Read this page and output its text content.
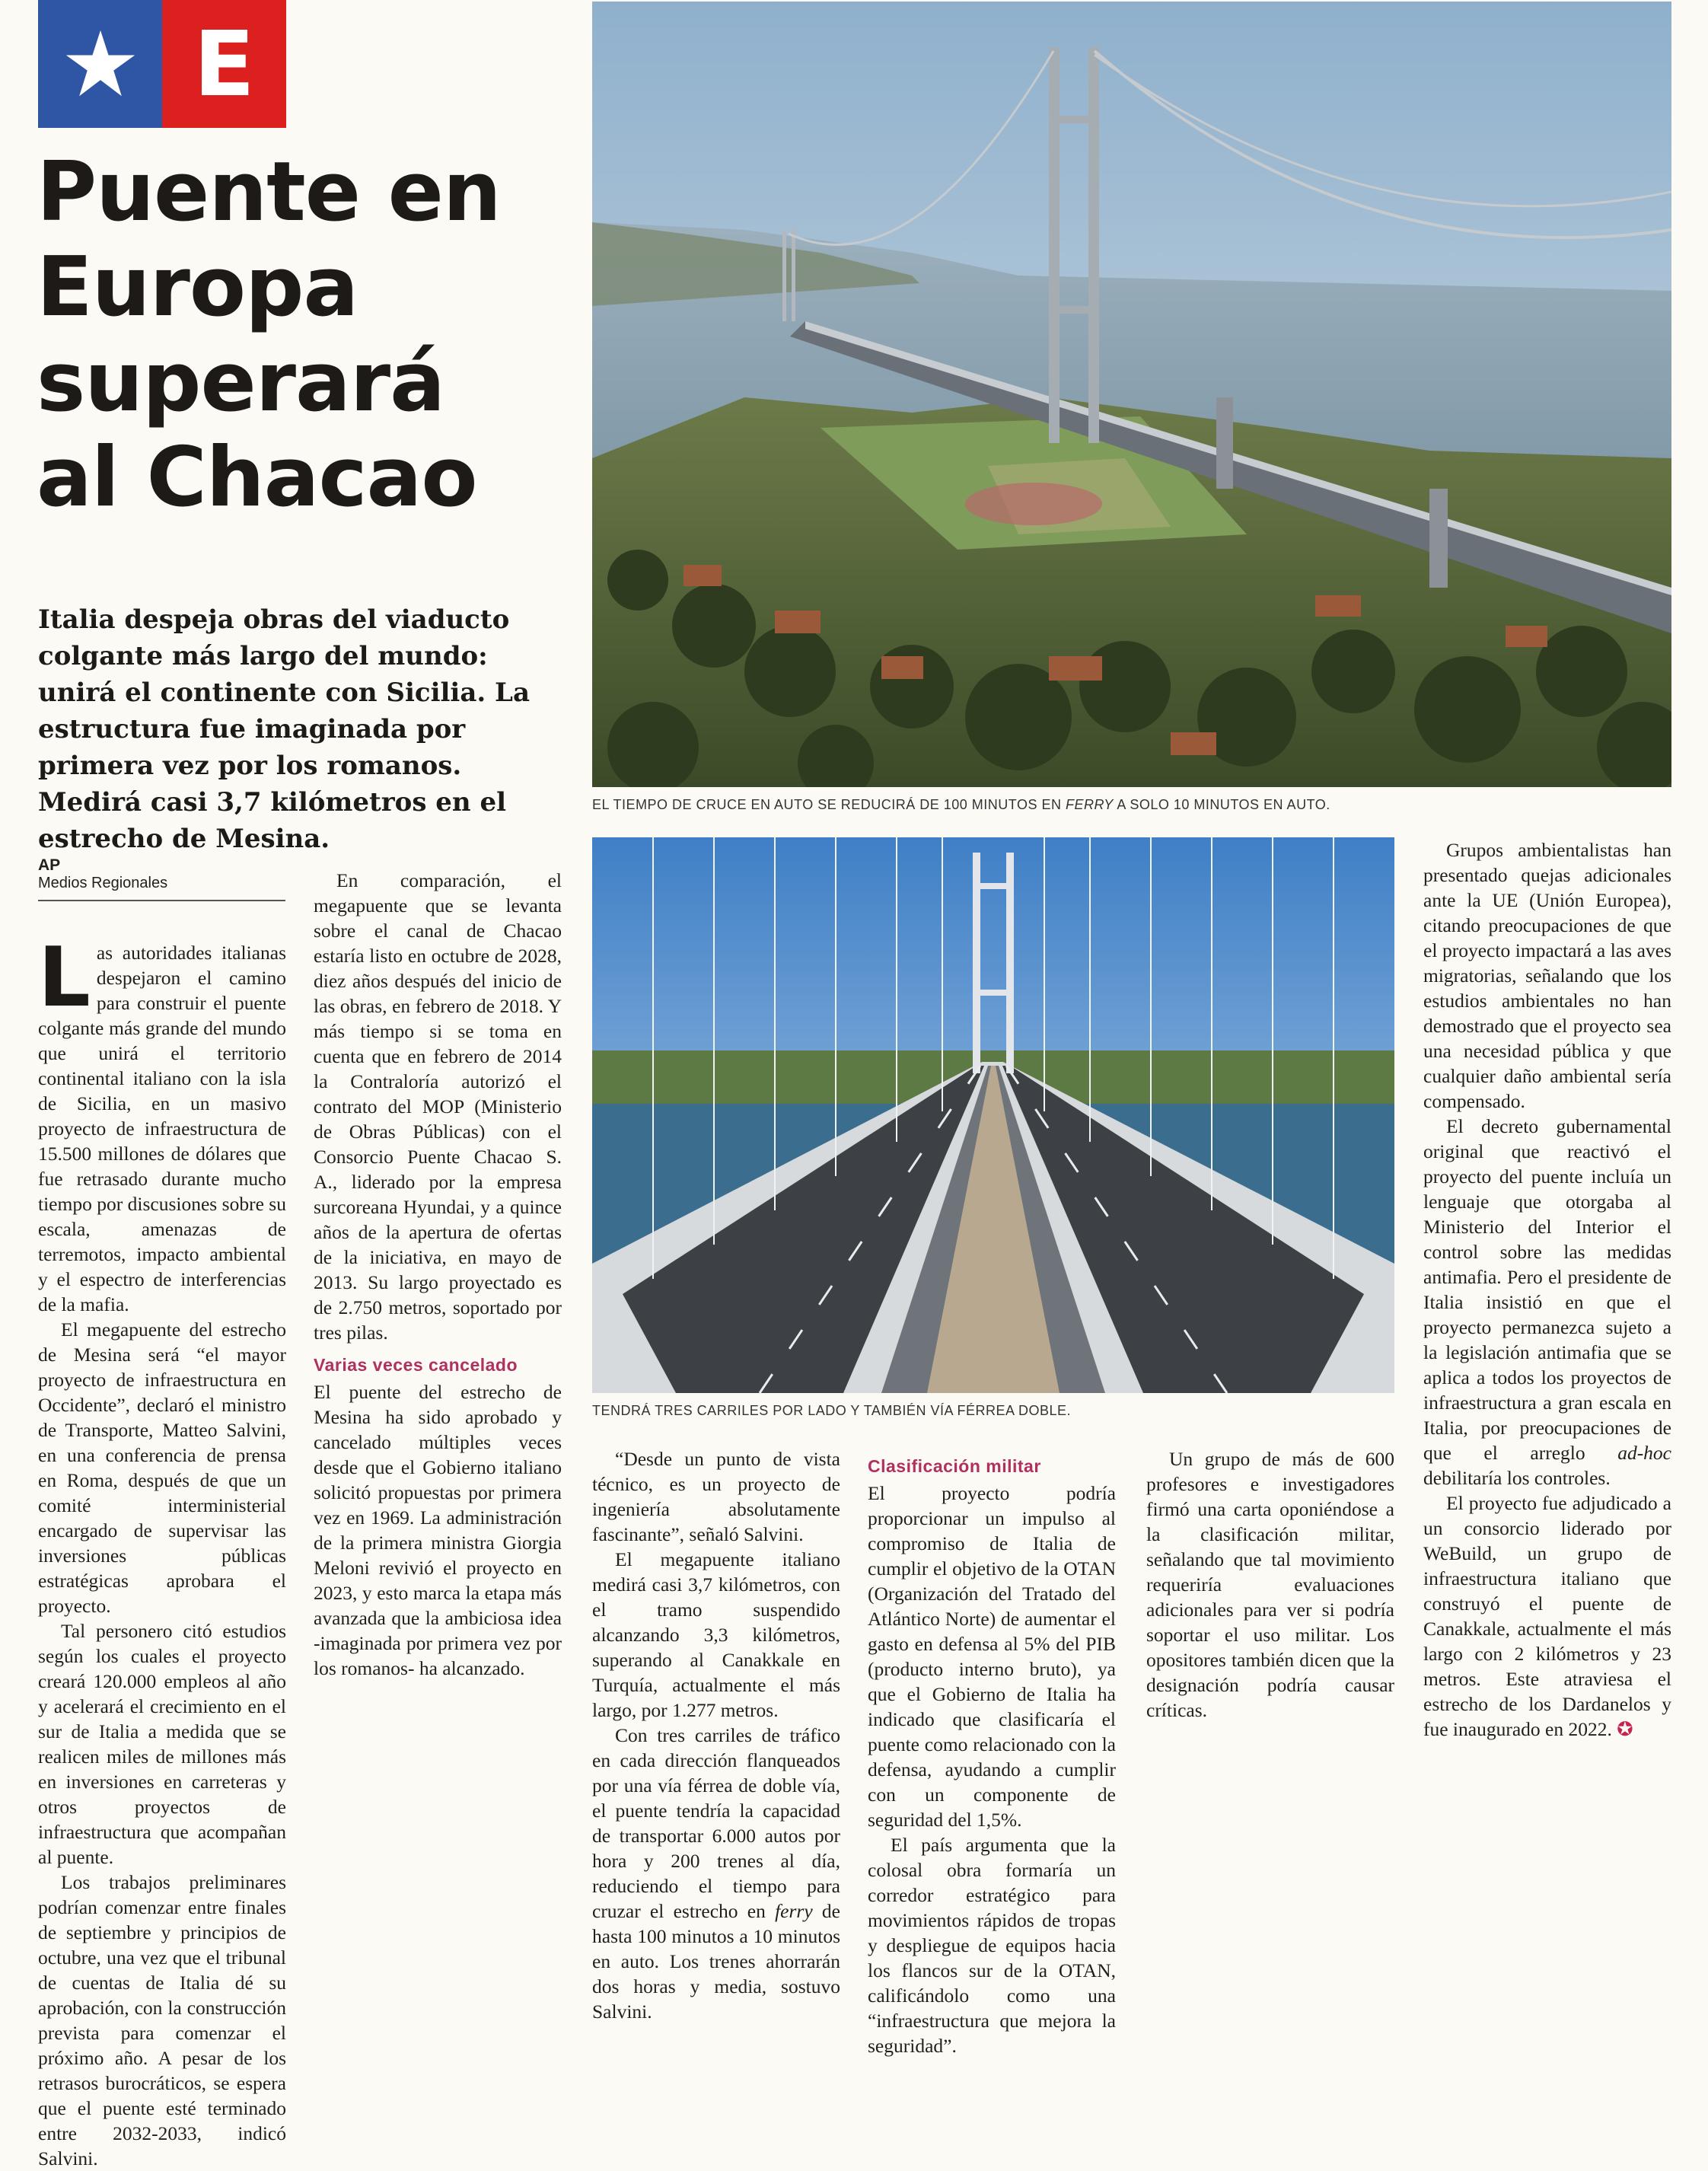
E
Puente en Europa superará al Chacao

Italia despeja obras del viaducto colgante más largo del mundo: unirá el continente con Sicilia. La estructura fue imaginada por primera vez por los romanos. Medirá casi 3,7 kilómetros en el estrecho de Mesina.

EL TIEMPO DE CRUCE EN AUTO SE REDUCIRÁ DE 100 MINUTOS EN FERRY A SOLO 10 MINUTOS EN AUTO.

TENDRÁ TRES CARRILES POR LADO Y TAMBIÉN VÍA FÉRREA DOBLE.

AP
Medios Regionales

Las autoridades italianas despejaron el camino para construir el puente colgante más grande del mundo que unirá el territorio continental italiano con la isla de Sicilia, en un masivo proyecto de infraestructura de 15.500 millones de dólares que fue retrasado durante mucho tiempo por discusiones sobre su escala, amenazas de terremotos, impacto ambiental y el espectro de interferencias de la mafia.

El megapuente del estrecho de Mesina será “el mayor proyecto de infraestructura en Occidente”, declaró el ministro de Transporte, Matteo Salvini, en una conferencia de prensa en Roma, después de que un comité interministerial encargado de supervisar las inversiones públicas estratégicas aprobara el proyecto.

Tal personero citó estudios según los cuales el proyecto creará 120.000 empleos al año y acelerará el crecimiento en el sur de Italia a medida que se realicen miles de millones más en inversiones en carreteras y otros proyectos de infraestructura que acompañan al puente.

Los trabajos preliminares podrían comenzar entre finales de septiembre y principios de octubre, una vez que el tribunal de cuentas de Italia dé su aprobación, con la construcción prevista para comenzar el próximo año. A pesar de los retrasos burocráticos, se espera que el puente esté terminado entre 2032-2033, indicó Salvini.

En comparación, el megapuente que se levanta sobre el canal de Chacao estaría listo en octubre de 2028, diez años después del inicio de las obras, en febrero de 2018. Y más tiempo si se toma en cuenta que en febrero de 2014 la Contraloría autorizó el contrato del MOP (Ministerio de Obras Públicas) con el Consorcio Puente Chacao S. A., liderado por la empresa surcoreana Hyundai, y a quince años de la apertura de ofertas de la iniciativa, en mayo de 2013. Su largo proyectado es de 2.750 metros, soportado por tres pilas.

Varias veces cancelado

El puente del estrecho de Mesina ha sido aprobado y cancelado múltiples veces desde que el Gobierno italiano solicitó propuestas por primera vez en 1969. La administración de la primera ministra Giorgia Meloni revivió el proyecto en 2023, y esto marca la etapa más avanzada que la ambiciosa idea -imaginada por primera vez por los romanos- ha alcanzado.

“Desde un punto de vista técnico, es un proyecto de ingeniería absolutamente fascinante”, señaló Salvini.

El megapuente italiano medirá casi 3,7 kilómetros, con el tramo suspendido alcanzando 3,3 kilómetros, superando al Canakkale en Turquía, actualmente el más largo, por 1.277 metros.

Con tres carriles de tráfico en cada dirección flanqueados por una vía férrea de doble vía, el puente tendría la capacidad de transportar 6.000 autos por hora y 200 trenes al día, reduciendo el tiempo para cruzar el estrecho en ferry de hasta 100 minutos a 10 minutos en auto. Los trenes ahorrarán dos horas y media, sostuvo Salvini.

Clasificación militar

El proyecto podría proporcionar un impulso al compromiso de Italia de cumplir el objetivo de la OTAN (Organización del Tratado del Atlántico Norte) de aumentar el gasto en defensa al 5% del PIB (producto interno bruto), ya que el Gobierno de Italia ha indicado que clasificaría el puente como relacionado con la defensa, ayudando a cumplir con un componente de seguridad del 1,5%.

El país argumenta que la colosal obra formaría un corredor estratégico para movimientos rápidos de tropas y despliegue de equipos hacia los flancos sur de la OTAN, calificándolo como una “infraestructura que mejora la seguridad”.

Un grupo de más de 600 profesores e investigadores firmó una carta oponiéndose a la clasificación militar, señalando que tal movimiento requeriría evaluaciones adicionales para ver si podría soportar el uso militar. Los opositores también dicen que la designación podría causar críticas.

Grupos ambientalistas han presentado quejas adicionales ante la UE (Unión Europea), citando preocupaciones de que el proyecto impactará a las aves migratorias, señalando que los estudios ambientales no han demostrado que el proyecto sea una necesidad pública y que cualquier daño ambiental sería compensado.

El decreto gubernamental original que reactivó el proyecto del puente incluía un lenguaje que otorgaba al Ministerio del Interior el control sobre las medidas antimafia. Pero el presidente de Italia insistió en que el proyecto permanezca sujeto a la legislación antimafia que se aplica a todos los proyectos de infraestructura a gran escala en Italia, por preocupaciones de que el arreglo ad-hoc debilitaría los controles.

El proyecto fue adjudicado a un consorcio liderado por WeBuild, un grupo de infraestructura italiano que construyó el puente de Canakkale, actualmente el más largo con 2 kilómetros y 23 metros. Este atraviesa el estrecho de los Dardanelos y fue inaugurado en 2022. ✪
